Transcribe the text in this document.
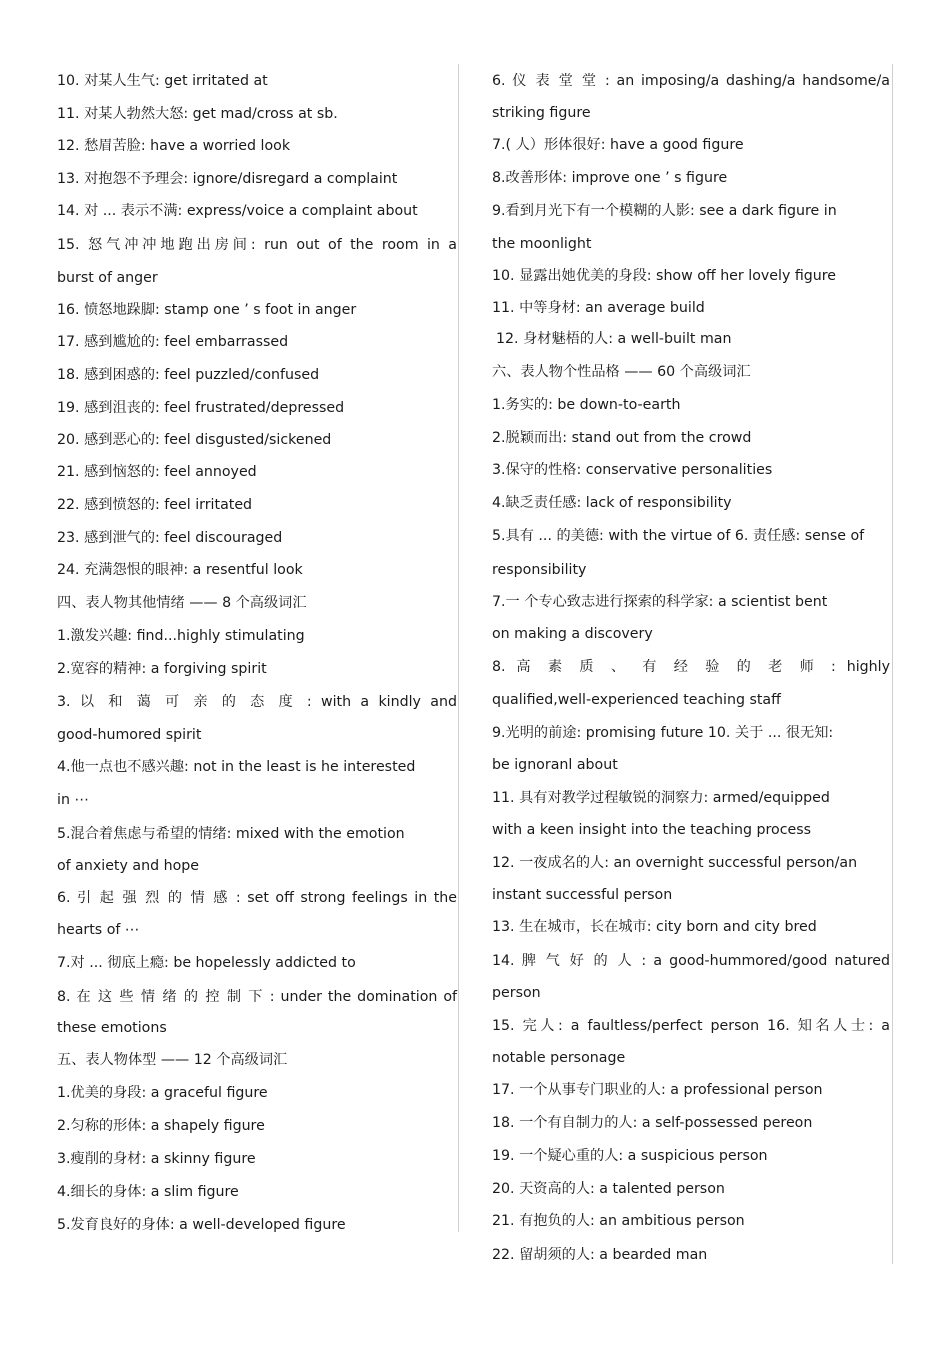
10. 对某人生气: get irritated at
11. 对某人勃然大怒: get mad/cross at sb.
12. 愁眉苦脸: have a worried look
13. 对抱怨不予理会: ignore/disregard a complaint
14. 对 ... 表示不满: express/voice a complaint about
15. 怒气冲冲地跑出房间: run out of the room in a
burst of anger
16. 愤怒地跺脚: stamp one ’ s foot in anger
17. 感到尴尬的: feel embarrassed
18. 感到困惑的: feel puzzled/confused
19. 感到沮丧的: feel frustrated/depressed
20. 感到恶心的: feel disgusted/sickened
21. 感到恼怒的: feel annoyed
22. 感到愤怒的: feel irritated
23. 感到泄气的: feel discouraged
24. 充满怨恨的眼神: a resentful look
四、表人物其他情绪 —— 8 个高级词汇
1.激发兴趣: find...highly stimulating
2.宽容的精神: a forgiving spirit
3. 以 和 蔼 可 亲 的 态 度 : with a kindly and
good-humored spirit
4.他一点也不感兴趣: not in the least is he interested
in ⋯
5.混合着焦虑与希望的情绪: mixed with the emotion
of anxiety and hope
6. 引 起 强 烈 的 情 感 : set off strong feelings in the
hearts of ⋯
7.对 ... 彻底上瘾: be hopelessly addicted to
8. 在 这 些 情 绪 的 控 制 下 : under the domination of
these emotions
五、表人物体型 —— 12 个高级词汇
1.优美的身段: a graceful figure
2.匀称的形体: a shapely figure
3.瘦削的身材: a skinny figure
4.细长的身体: a slim figure
5.发育良好的身体: a well-developed figure
6. 仪 表 堂 堂 : an imposing/a dashing/a handsome/a
striking figure
7.( 人）形体很好: have a good figure
8.改善形体: improve one ’ s figure
9.看到月光下有一个模糊的人影: see a dark figure in
the moonlight
10. 显露出她优美的身段: show off her lovely figure
11. 中等身材: an average build
12. 身材魅梧的人: a well-built man
六、表人物个性品格 —— 60 个高级词汇
1.务实的: be down-to-earth
2.脱颖而出: stand out from the crowd
3.保守的性格: conservative personalities
4.缺乏责任感: lack of responsibility
5.具有 ... 的美德: with the virtue of 6. 责任感: sense of
responsibility
7.一 个专心致志进行探索的科学家: a scientist bent
on making a discovery
8. 高 素 质 、 有 经 验 的 老 师 : highly
qualified,well-experienced teaching staff
9.光明的前途: promising future 10. 关于 ... 很无知:
be ignoranl about
11. 具有对教学过程敏锐的洞察力: armed/equipped
with a keen insight into the teaching process
12. 一夜成名的人: an overnight successful person/an
instant successful person
13. 生在城市，长在城市: city born and city bred
14. 脾 气 好 的 人 : a good-hummored/good natured
person
15. 完人: a faultless/perfect person 16. 知名人士: a
notable personage
17. 一个从事专门职业的人: a professional person
18. 一个有自制力的人: a self-possessed pereon
19. 一个疑心重的人: a suspicious person
20. 天资高的人: a talented person
21. 有抱负的人: an ambitious person
22. 留胡须的人: a bearded man
